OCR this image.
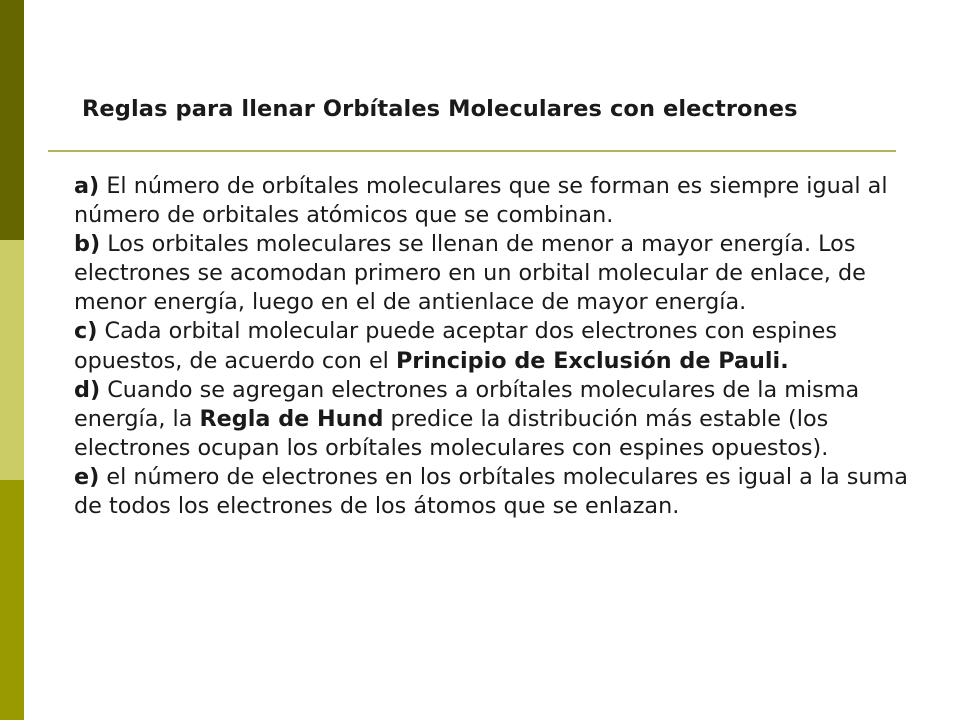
Reglas para llenar Orbítales Moleculares con electrones

a) El número de orbítales moleculares que se forman es siempre igual al número de orbitales atómicos que se combinan.

b) Los orbitales moleculares se llenan de menor a mayor energía. Los electrones se acomodan primero en un orbital molecular de enlace, de menor energía, luego en el de antienlace de mayor energía.

c) Cada orbital molecular puede aceptar dos electrones con espines opuestos, de acuerdo con el Principio de Exclusión de Pauli.

d) Cuando se agregan electrones a orbítales moleculares de la misma energía, la Regla de Hund predice la distribución más estable (los electrones ocupan los orbítales moleculares con espines opuestos).

e) el número de electrones en los orbítales moleculares es igual a la suma de todos los electrones de los átomos que se enlazan.
